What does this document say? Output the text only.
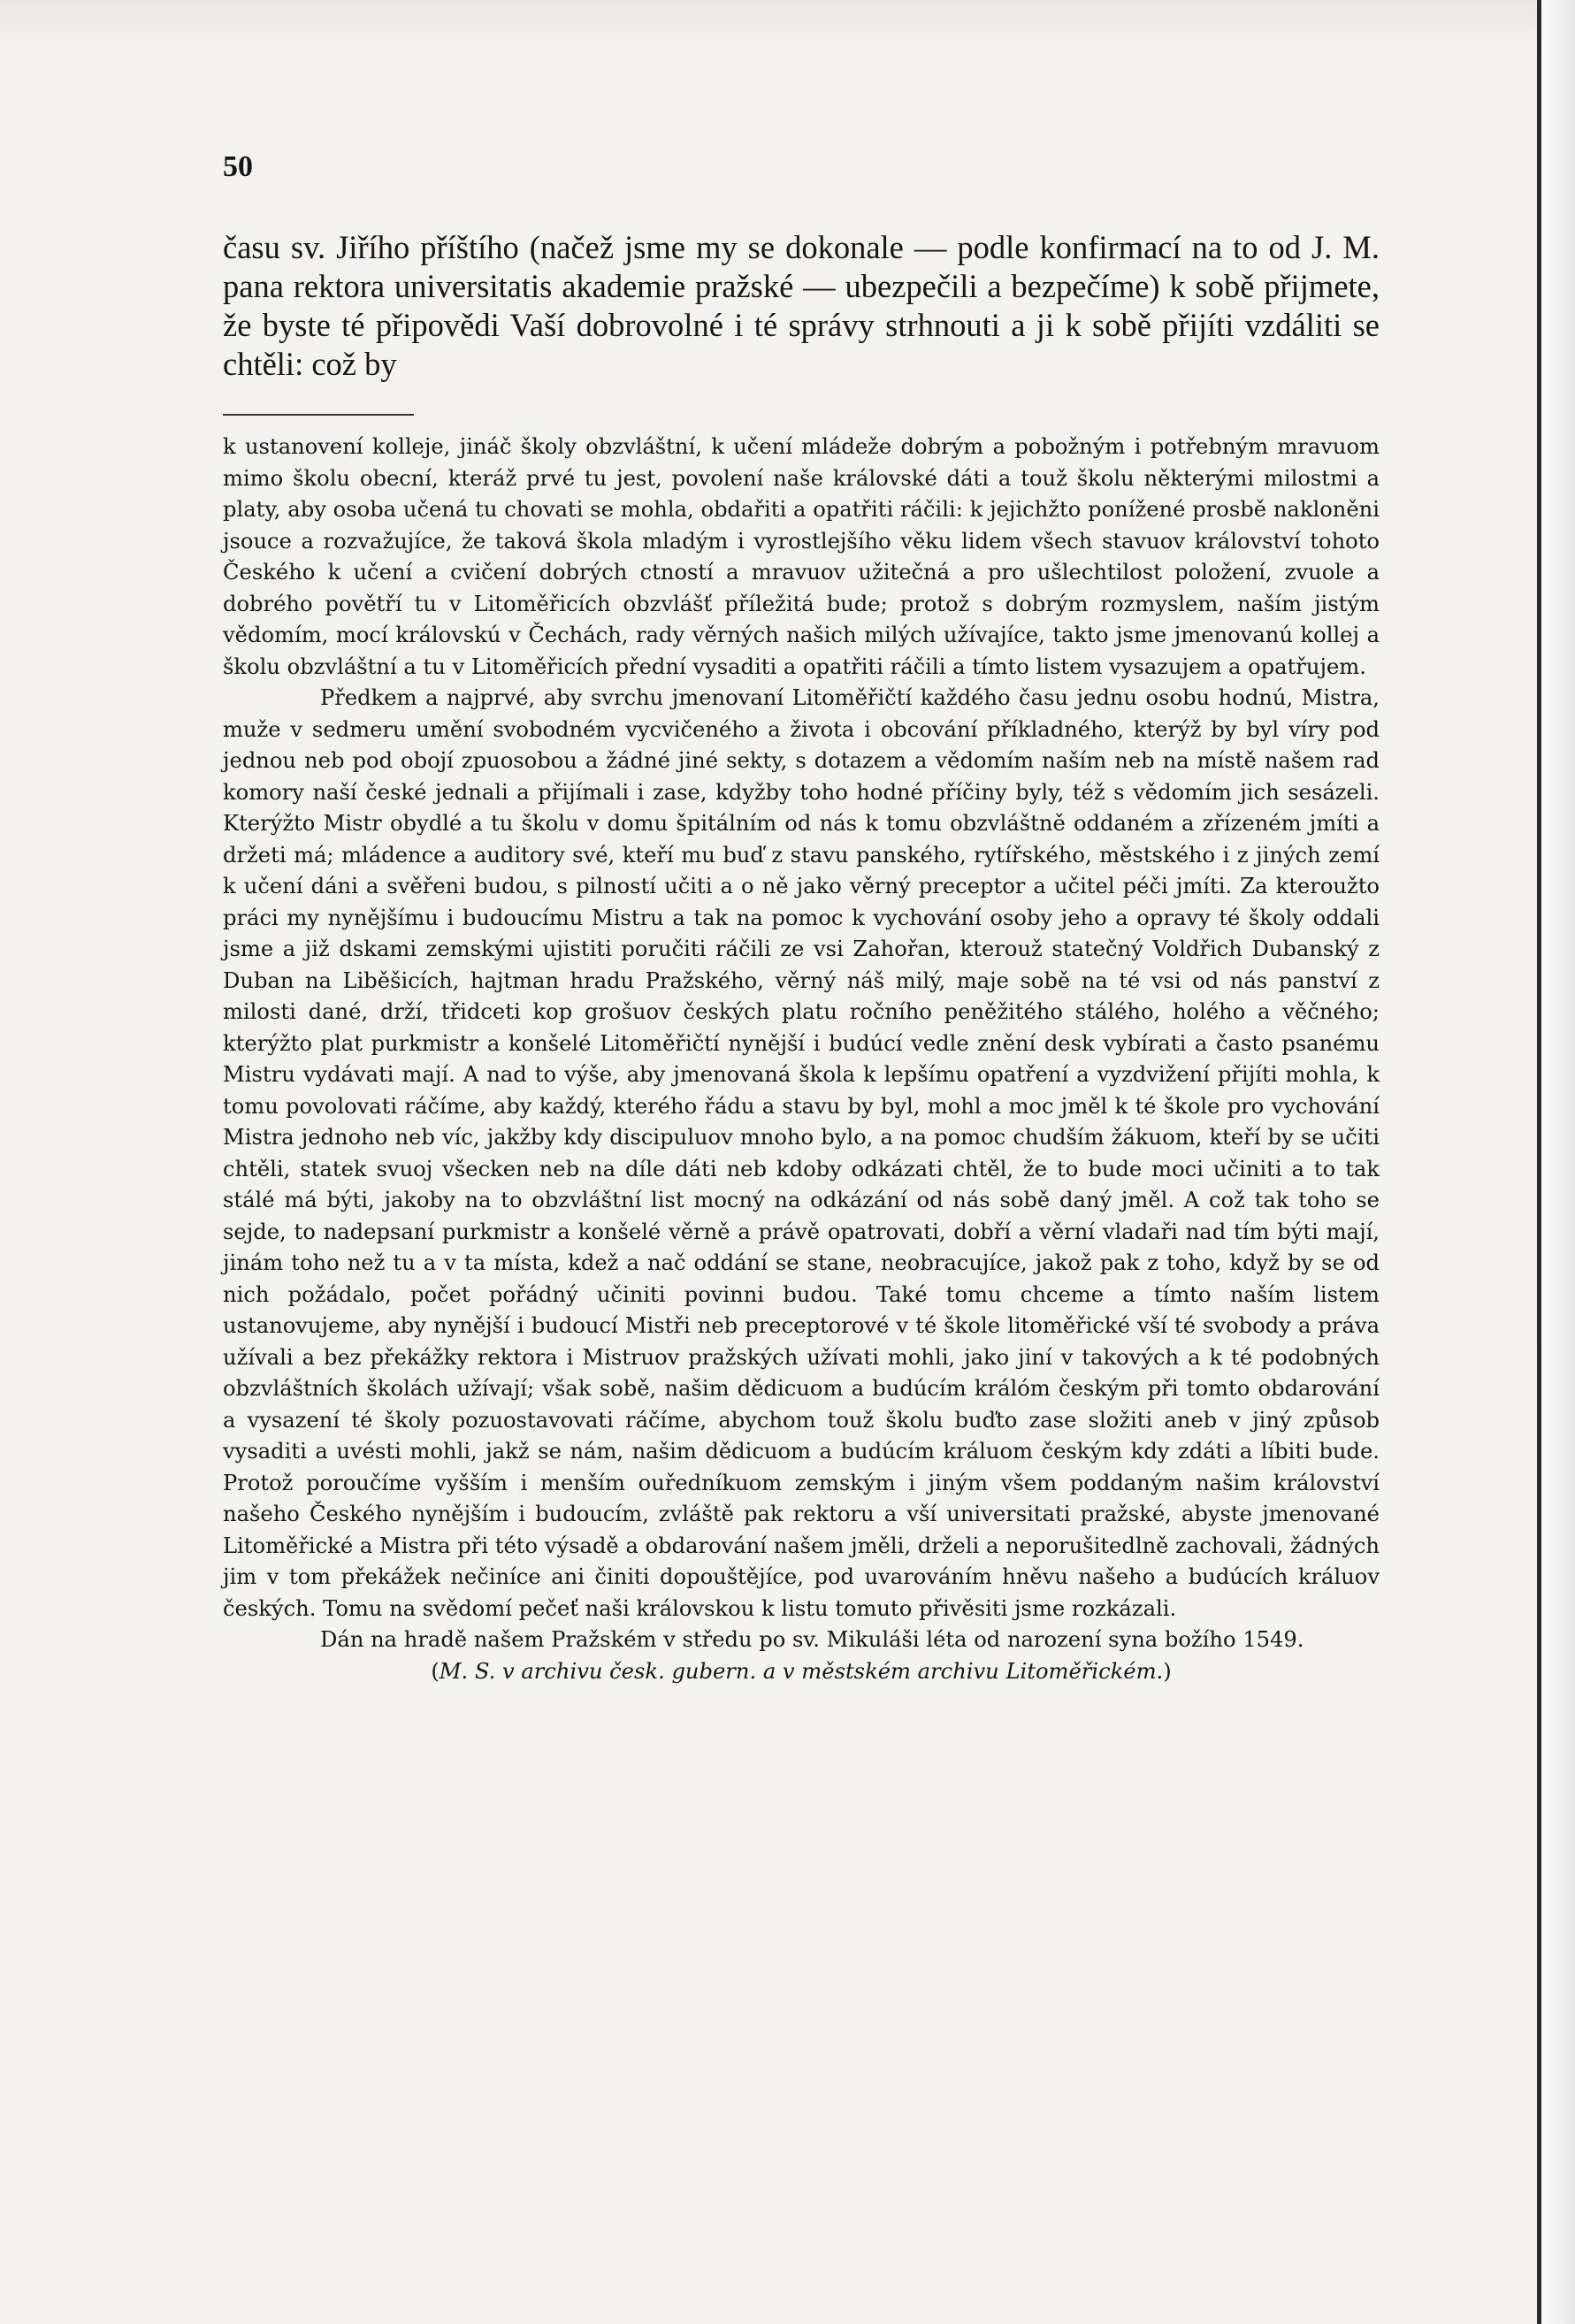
50
času sv. Jiřího příštího (načež jsme my se dokonale — podle konfirmací na to od J. M. pana rektora universitatis akademie pražské — ubezpečili a bezpečíme) k sobě přijmete, že byste té připovědi Vaší dobrovolné i té správy strhnouti a ji k sobě přijíti vzdáliti se chtěli: což by

k ustanovení kolleje, jináč školy obzvláštní, k učení mládeže dobrým a pobožným i potřebným mravuom mimo školu obecní, kteráž prvé tu jest, povolení naše královské dáti a touž školu některými milostmi a platy, aby osoba učená tu chovati se mohla, obdařiti a opatřiti ráčili: k jejichžto ponížené prosbě nakloněni jsouce a rozvažujíce, že taková škola mladým i vyrostlejšího věku lidem všech stavuov království tohoto Českého k učení a cvičení dobrých ctností a mravuov užitečná a pro ušlechtilost položení, zvuole a dobrého povětří tu v Litoměřicích obzvlášť příležitá bude; protož s dobrým rozmyslem, naším jistým vědomím, mocí královskú v Čechách, rady věrných našich milých užívajíce, takto jsme jmenovanú kollej a školu obzvláštní a tu v Litoměřicích přední vysaditi a opatřiti ráčili a tímto listem vysazujem a opatřujem.

Předkem a najprvé, aby svrchu jmenovaní Litoměřičtí každého času jednu osobu hodnú, Mistra, muže v sedmeru umění svobodném vycvičeného a života i obcování příkladného, kterýž by byl víry pod jednou neb pod obojí zpuosobou a žádné jiné sekty, s dotazem a vědomím naším neb na místě našem rad komory naší české jednali a přijímali i zase, kdyžby toho hodné příčiny byly, též s vědomím jich sesázeli. Kterýžto Mistr obydlé a tu školu v domu špitálním od nás k tomu obzvláštně oddaném a zřízeném jmíti a držeti má; mládence a auditory své, kteří mu buď z stavu panského, rytířského, městského i z jiných zemí k učení dáni a svěřeni budou, s pilností učiti a o ně jako věrný preceptor a učitel péči jmíti. Za kteroužto práci my nynějšímu i budoucímu Mistru a tak na pomoc k vychování osoby jeho a opravy té školy oddali jsme a již dskami zemskými ujistiti poručiti ráčili ze vsi Zahořan, kterouž statečný Voldřich Dubanský z Duban na Liběšicích, hajtman hradu Pražského, věrný náš milý, maje sobě na té vsi od nás panství z milosti dané, drží, třidceti kop grošuov českých platu ročního peněžitého stálého, holého a věčného; kterýžto plat purkmistr a konšelé Litoměřičtí nynější i budúcí vedle znění desk vybírati a často psanému Mistru vydávati mají. A nad to výše, aby jmenovaná škola k lepšímu opatření a vyzdvižení přijíti mohla, k tomu povolovati ráčíme, aby každý, kterého řádu a stavu by byl, mohl a moc jměl k té škole pro vychování Mistra jednoho neb víc, jakžby kdy discipuluov mnoho bylo, a na pomoc chudším žákuom, kteří by se učiti chtěli, statek svuoj všecken neb na díle dáti neb kdoby odkázati chtěl, že to bude moci učiniti a to tak stálé má býti, jakoby na to obzvláštní list mocný na odkázání od nás sobě daný jměl. A což tak toho se sejde, to nadepsaní purkmistr a konšelé věrně a právě opatrovati, dobří a věrní vladaři nad tím býti mají, jinám toho než tu a v ta místa, kdež a nač oddání se stane, neobracujíce, jakož pak z toho, když by se od nich požádalo, počet pořádný učiniti povinni budou. Také tomu chceme a tímto naším listem ustanovujeme, aby nynější i budoucí Mistři neb preceptorové v té škole litoměřické vší té svobody a práva užívali a bez překážky rektora i Mistruov pražských užívati mohli, jako jiní v takových a k té podobných obzvláštních školách užívají; však sobě, našim dědicuom a budúcím králóm českým při tomto obdarování a vysazení té školy pozuostavovati ráčíme, abychom touž školu buďto zase složiti aneb v jiný způsob vysaditi a uvésti mohli, jakž se nám, našim dědicuom a budúcím králuom českým kdy zdáti a líbiti bude. Protož poroučíme vyšším i menším ouředníkuom zemským i jiným všem poddaným našim království našeho Českého nynějším i budoucím, zvláště pak rektoru a vší universitati pražské, abyste jmenované Litoměřické a Mistra při této výsadě a obdarování našem jměli, drželi a neporušitedlně zachovali, žádných jim v tom překážek nečiníce ani činiti dopouštějíce, pod uvarováním hněvu našeho a budúcích králuov českých. Tomu na svědomí pečeť naši královskou k listu tomuto přivěsiti jsme rozkázali.

Dán na hradě našem Pražském v středu po sv. Mikuláši léta od narození syna božího 1549.

(M. S. v archivu česk. gubern. a v městském archivu Litoměřickém.)
